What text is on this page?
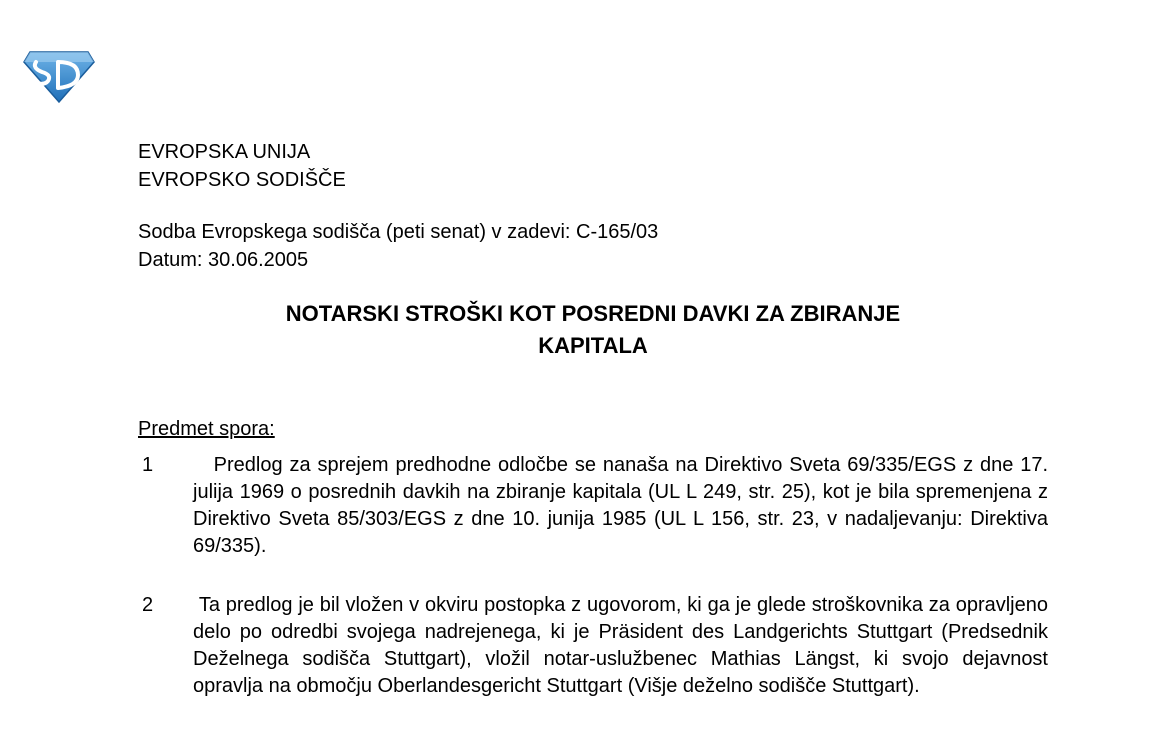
EVROPSKA UNIJA
EVROPSKO SODIŠČE
Sodba Evropskega sodišča (peti senat) v zadevi: C-165/03
Datum: 30.06.2005
NOTARSKI STROŠKI KOT POSREDNI DAVKI ZA ZBIRANJE
KAPITALA
Predmet spora:
1	Predlog za sprejem predhodne odločbe se nanaša na Direktivo Sveta 69/335/EGS z dne 17. julija 1969 o posrednih davkih na zbiranje kapitala (UL L 249, str. 25), kot je bila spremenjena z Direktivo Sveta 85/303/EGS z dne 10. junija 1985 (UL L 156, str. 23, v nadaljevanju: Direktiva 69/335).
2 Ta predlog je bil vložen v okviru postopka z ugovorom, ki ga je glede stroškovnika za opravljeno delo po odredbi svojega nadrejenega, ki je Präsident des Landgerichts Stuttgart (Predsednik Deželnega sodišča Stuttgart), vložil notar-uslužbenec Mathias Längst, ki svojo dejavnost opravlja na območju Oberlandesgericht Stuttgart (Višje deželno sodišče Stuttgart).
